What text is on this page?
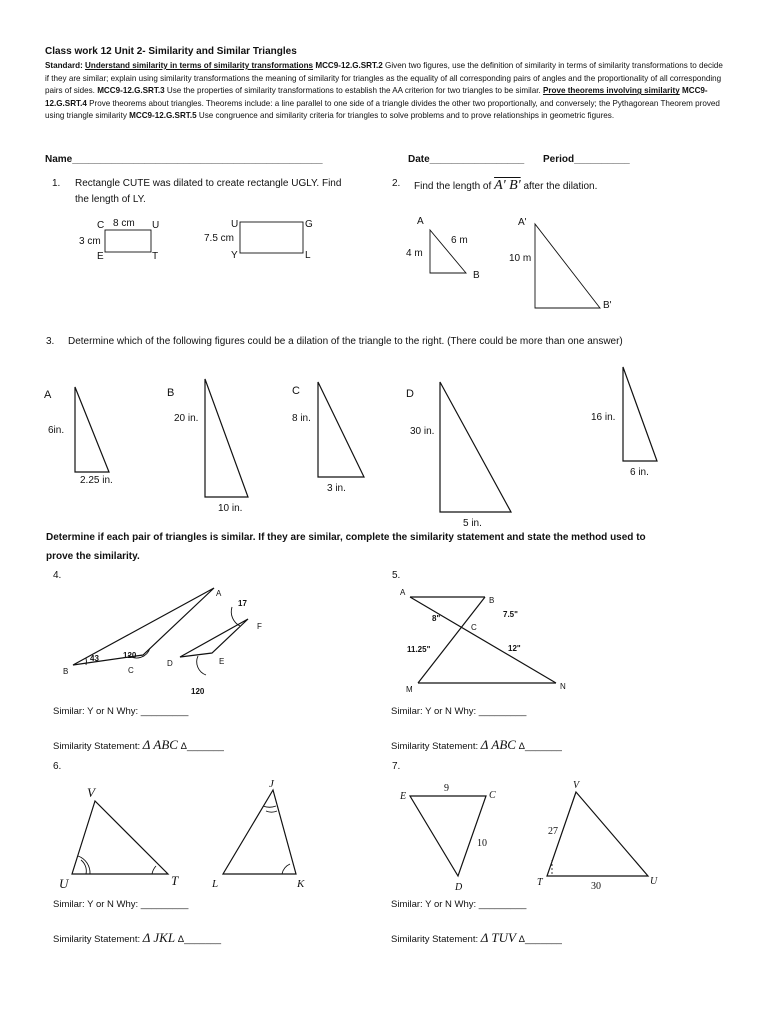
Class work 12 Unit 2- Similarity and Similar Triangles
Standard: Understand similarity in terms of similarity transformations MCC9-12.G.SRT.2 Given two figures, use the definition of similarity in terms of similarity transformations to decide if they are similar; explain using similarity transformations the meaning of similarity for triangles as the equality of all corresponding pairs of angles and the proportionality of all corresponding pairs of sides. MCC9-12.G.SRT.3 Use the properties of similarity transformations to establish the AA criterion for two triangles to be similar. Prove theorems involving similarity MCC9-12.G.SRT.4 Prove theorems about triangles. Theorems include: a line parallel to one side of a triangle divides the other two proportionally, and conversely; the Pythagorean Theorem proved using triangle similarity MCC9-12.G.SRT.5 Use congruence and similarity criteria for triangles to solve problems and to prove relationships in geometric figures.
Name_____________________________________________	Date_________________ Period__________
1. Rectangle CUTE was dilated to create rectangle UGLY. Find
the length of LY.
C 8 cm U
3 cm
E	T
U	G
7.5 cm
Y	L
2. Find the length of A' B' after the dilation.
A
6 m
4 m
B
A'
10 m
B'
3. Determine which of the following figures could be a dilation of the triangle to the right. (There could be more than one answer)
A
6in.
2.25 in.
B
20 in.
10 in.
C
8 in.
3 in.
D
30 in.
5 in.
16 in.
6 in.
Determine if each pair of triangles is similar. If they are similar, complete the similarity statement and state the method used to
prove the similarity.
4.
A
B	C
D	E
F
43	120
17
120
Similar: Y or N Why: _________
Similarity Statement: Δ ABC Δ_______
5.
A
B
C
M	N
8"	7.5"
11.25"	12"
Similar: Y or N Why: _________
Similarity Statement: Δ ABC Δ_______
6.
V
U	T
J
L	K
Similar: Y or N Why: _________
Similarity Statement: Δ JKL Δ_______
7.
E	C
D
V
T	U
9
10
27
30
Similar: Y or N Why: _________
Similarity Statement: Δ TUV Δ_______
